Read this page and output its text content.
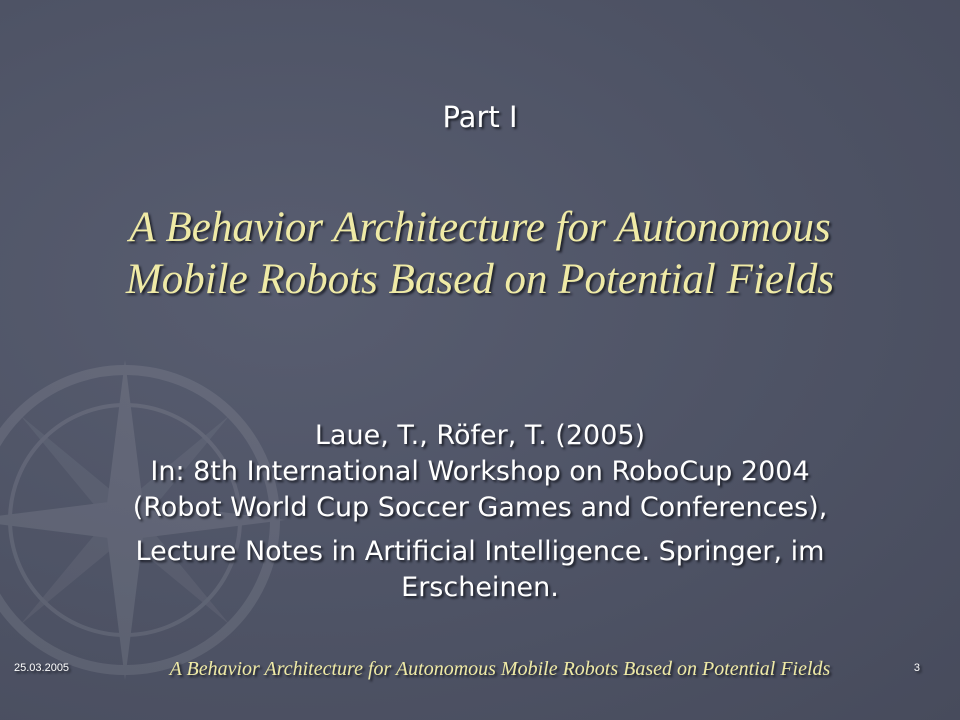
Part I
A Behavior Architecture for Autonomous
Mobile Robots Based on Potential Fields
Laue, T., Röfer, T. (2005)
In: 8th International Workshop on RoboCup 2004
(Robot World Cup Soccer Games and Conferences),
Lecture Notes in Artificial Intelligence. Springer, im
Erscheinen.
25.03.2005	A Behavior Architecture for Autonomous Mobile Robots Based on Potential Fields	3
